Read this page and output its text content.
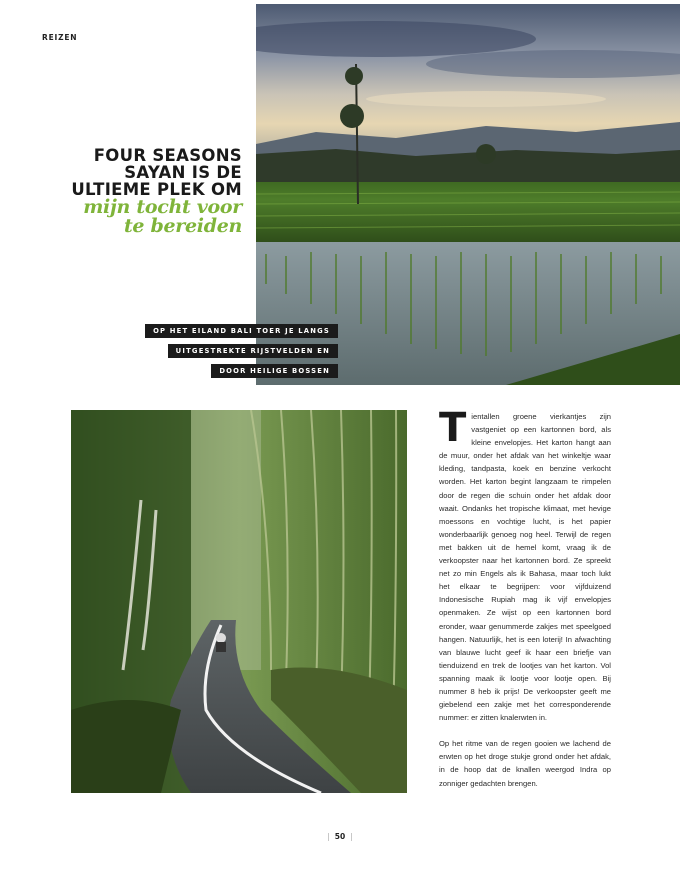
REIZEN
FOUR SEASONS
SAYAN IS DE
ULTIEME PLEK OM
mijn tocht voor
te bereiden
OP HET EILAND BALI TOER JE LANGS
UITGESTREKTE RIJSTVELDEN EN
DOOR HEILIGE BOSSEN

Tientallen groene vierkantjes zijn vastgeniet op een kartonnen bord, als kleine envelopjes. Het karton hangt aan de muur, onder het afdak van het winkeltje waar kleding, tandpasta, koek en benzine verkocht worden. Het karton begint langzaam te rimpelen door de regen die schuin onder het afdak door waait. Ondanks het tropische klimaat, met hevige moessons en vochtige lucht, is het papier wonderbaarlijk genoeg nog heel. Terwijl de regen met bakken uit de hemel komt, vraag ik de verkoopster naar het kartonnen bord. Ze spreekt net zo min Engels als ik Bahasa, maar toch lukt het elkaar te begrijpen: voor vijfduizend Indonesische Rupiah mag ik vijf envelopjes openmaken. Ze wijst op een kartonnen bord eronder, waar genummerde zakjes met speelgoed hangen. Natuurlijk, het is een loterij! In afwachting van blauwe lucht geef ik haar een briefje van tienduizend en trek de lootjes van het karton. Vol spanning maak ik lootje voor lootje open. Bij nummer 8 heb ik prijs! De verkoopster geeft me giebelend een zakje met het corresponderende nummer: er zitten knalerwten in.

Op het ritme van de regen gooien we lachend de erwten op het droge stukje grond onder het afdak, in de hoop dat de knallen weergod Indra op zonniger gedachten brengen.

| 50 |
